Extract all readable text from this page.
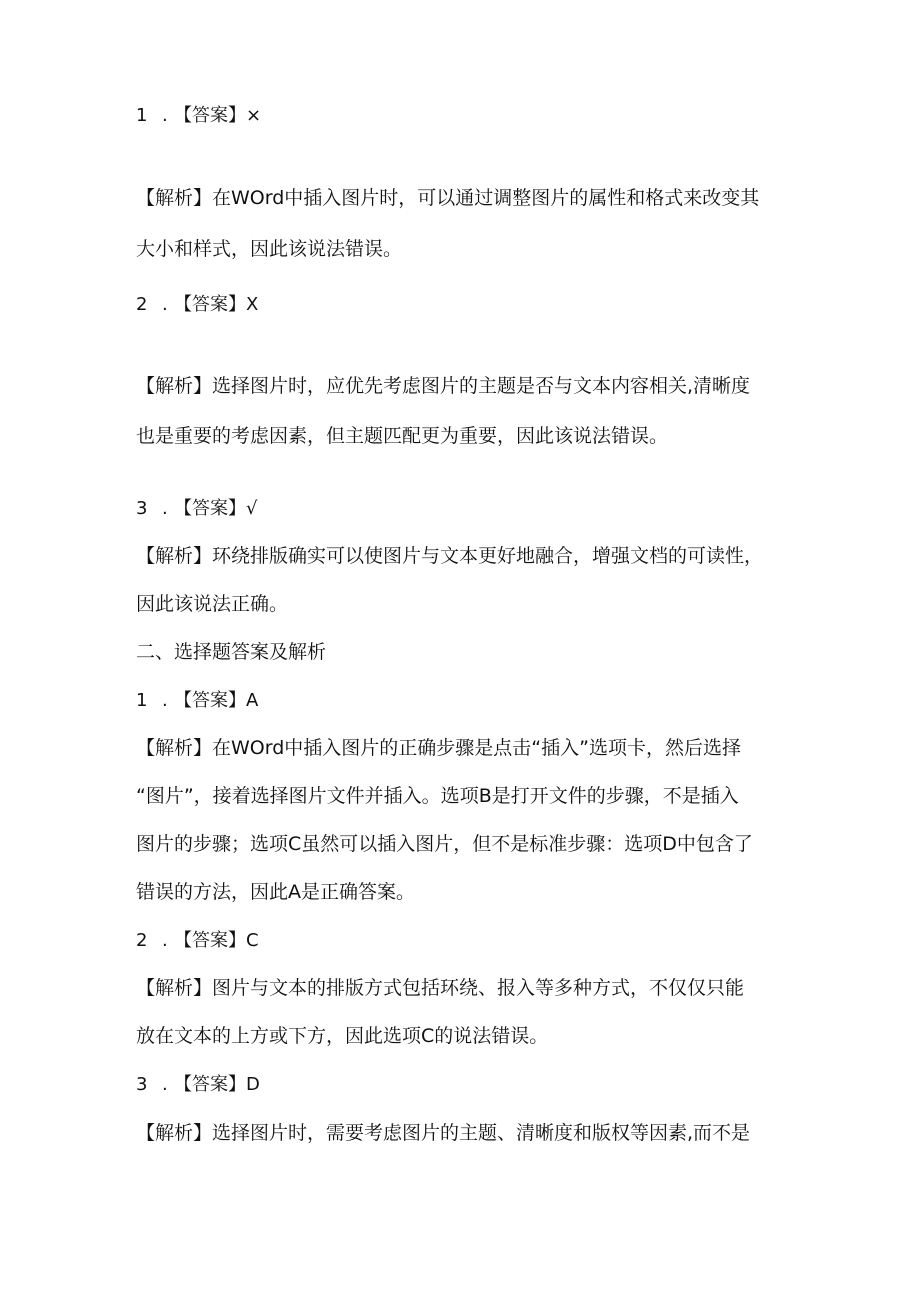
1 . 【答案】×
【解析】在WOrd中插入图片时，可以通过调整图片的属性和格式来改变其
大小和样式，因此该说法错误。
2 . 【答案】X
【解析】选择图片时，应优先考虑图片的主题是否与文本内容相关,清晰度
也是重要的考虑因素，但主题匹配更为重要，因此该说法错误。
3 . 【答案】√
【解析】环绕排版确实可以使图片与文本更好地融合，增强文档的可读性，
因此该说法正确。
二、选择题答案及解析
1 . 【答案】A
【解析】在WOrd中插入图片的正确步骤是点击“插入”选项卡，然后选择
“图片”，接着选择图片文件并插入。选项B是打开文件的步骤，不是插入
图片的步骤；选项C虽然可以插入图片，但不是标准步骤：选项D中包含了
错误的方法，因此A是正确答案。
2 . 【答案】C
【解析】图片与文本的排版方式包括环绕、报入等多种方式，不仅仅只能
放在文本的上方或下方，因此选项C的说法错误。
3 . 【答案】D
【解析】选择图片时，需要考虑图片的主题、清晰度和版权等因素,而不是
